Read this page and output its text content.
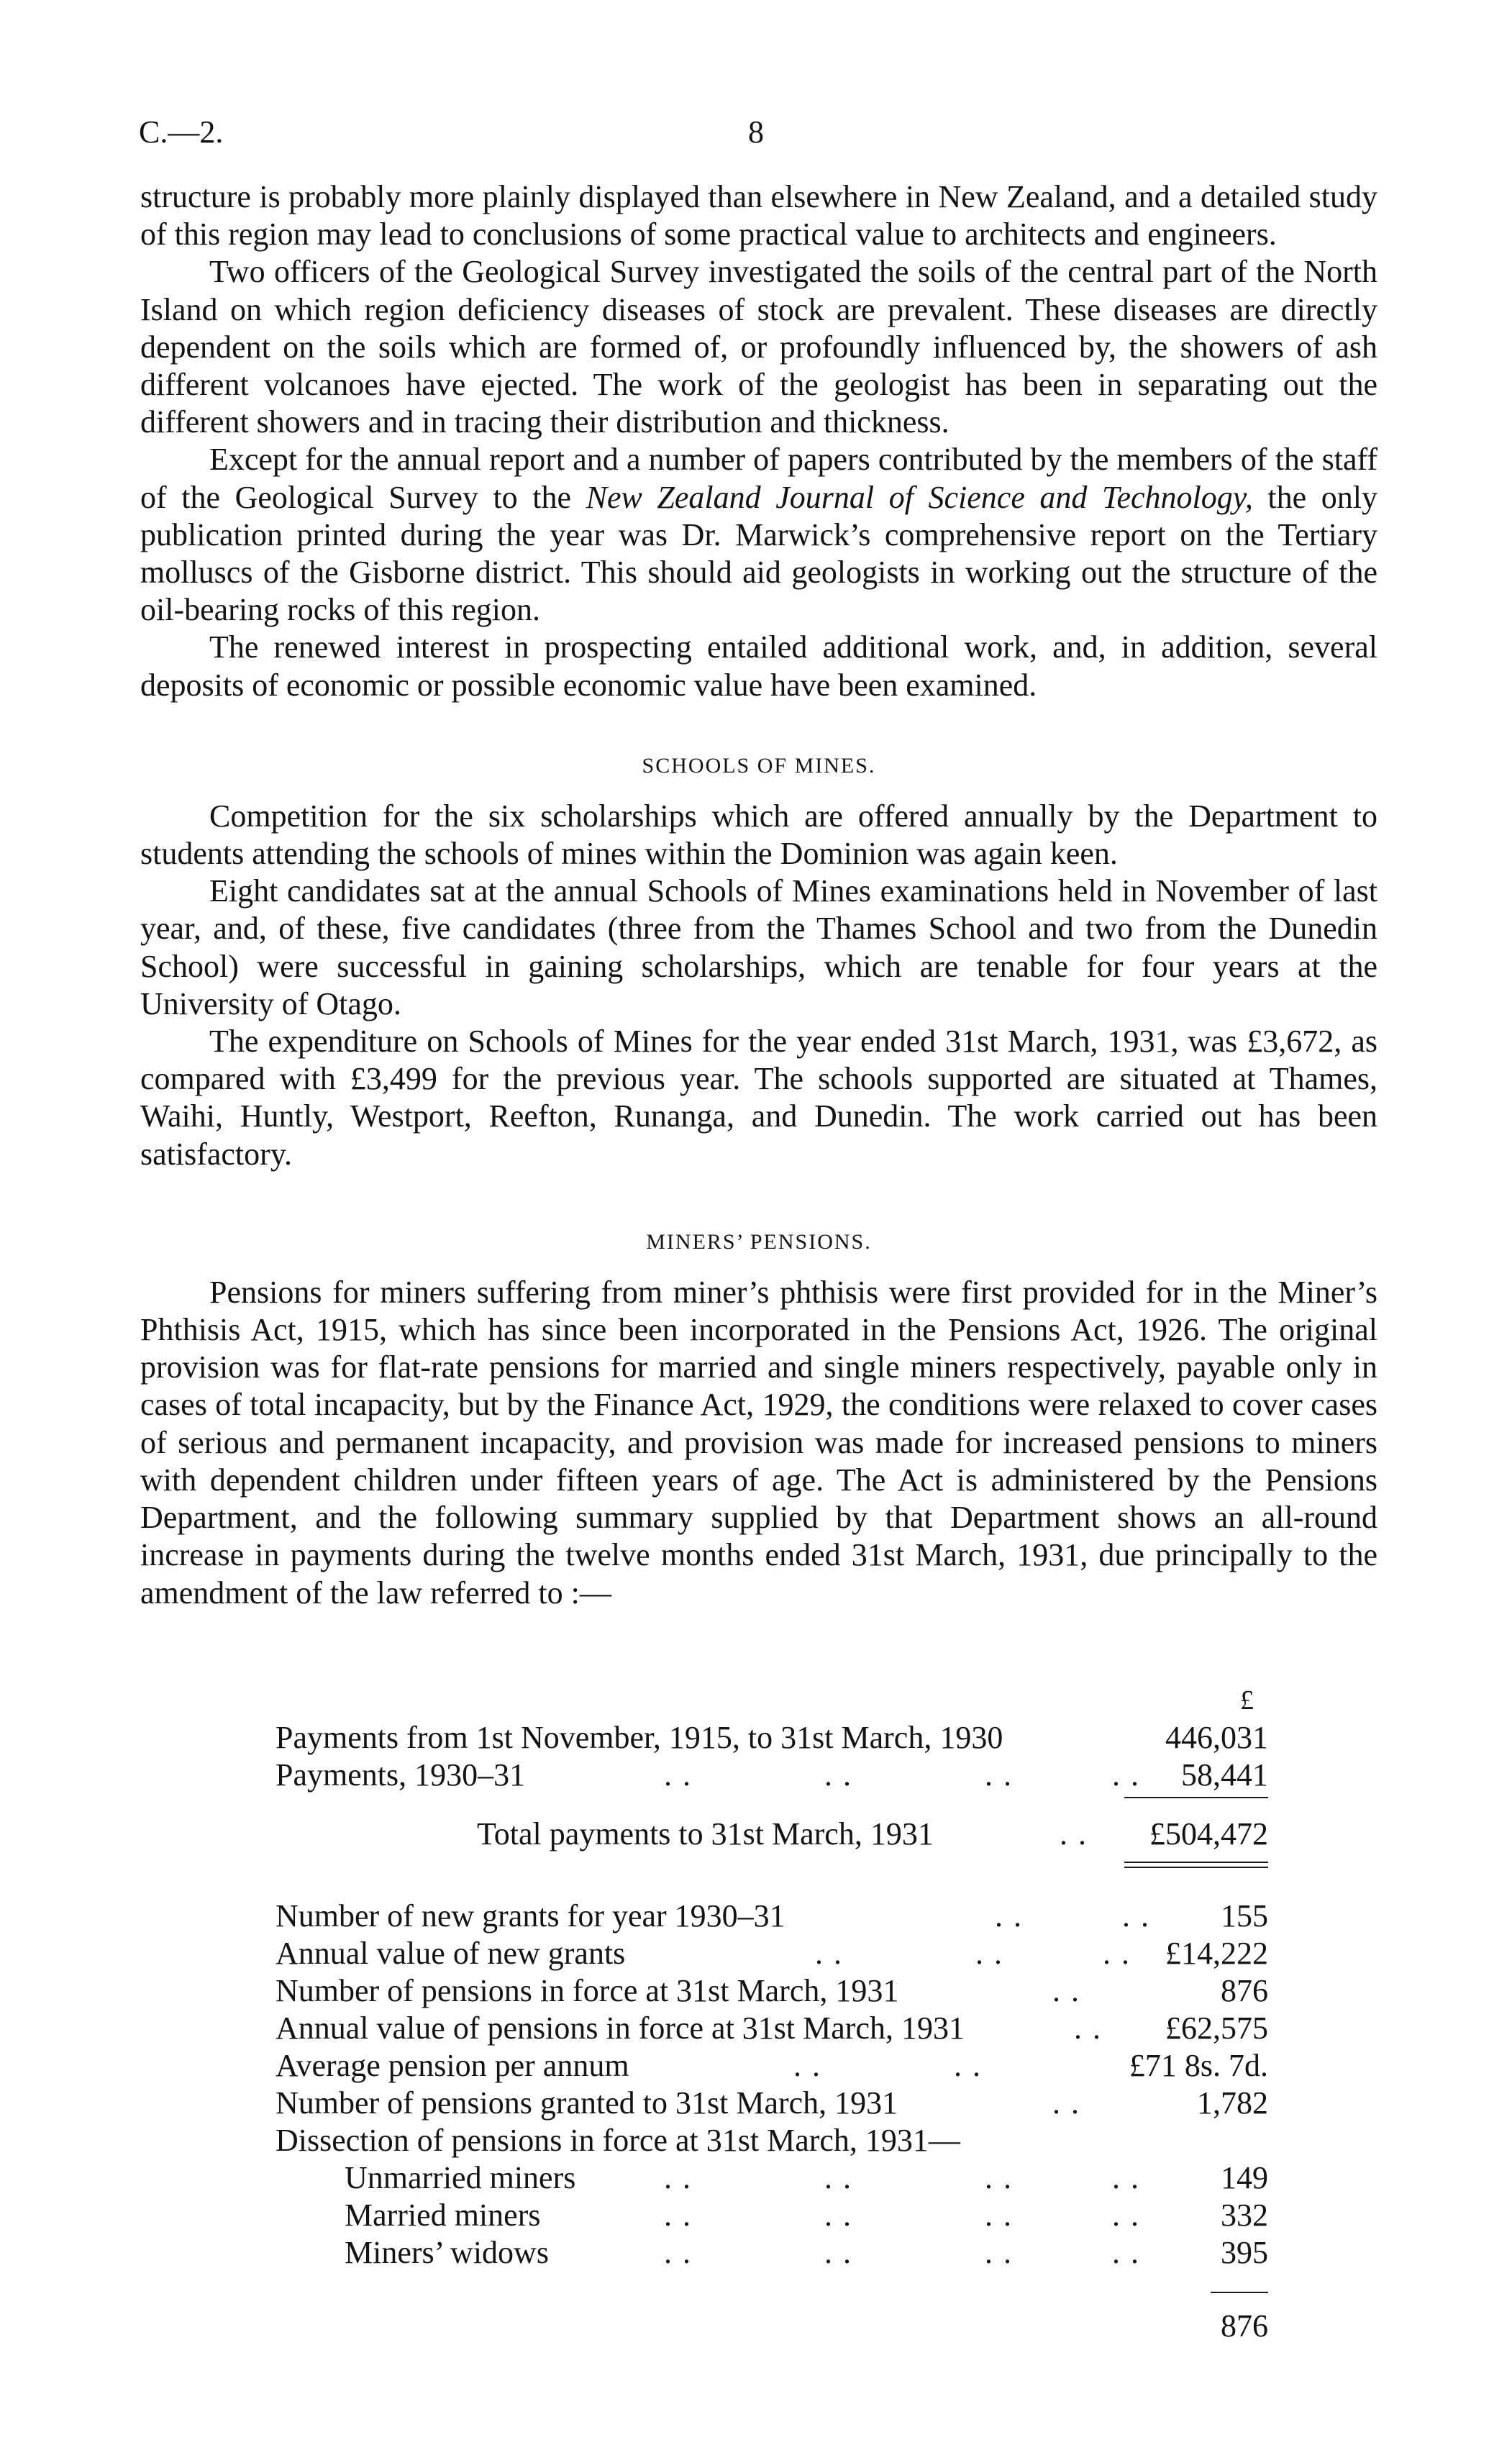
C.—2.	8

structure is probably more plainly displayed than elsewhere in New Zealand, and a detailed study of this region may lead to conclusions of some practical value to architects and engineers.

Two officers of the Geological Survey investigated the soils of the central part of the North Island on which region deficiency diseases of stock are prevalent. These diseases are directly dependent on the soils which are formed of, or profoundly influenced by, the showers of ash different volcanoes have ejected. The work of the geologist has been in separating out the different showers and in tracing their distribution and thickness.

Except for the annual report and a number of papers contributed by the members of the staff of the Geological Survey to the New Zealand Journal of Science and Technology, the only publication printed during the year was Dr. Marwick’s comprehensive report on the Tertiary molluscs of the Gisborne district. This should aid geologists in working out the structure of the oil-bearing rocks of this region.

The renewed interest in prospecting entailed additional work, and, in addition, several deposits of economic or possible economic value have been examined.

SCHOOLS OF MINES.

Competition for the six scholarships which are offered annually by the Department to students attending the schools of mines within the Dominion was again keen.

Eight candidates sat at the annual Schools of Mines examinations held in November of last year, and, of these, five candidates (three from the Thames School and two from the Dunedin School) were successful in gaining scholarships, which are tenable for four years at the University of Otago.

The expenditure on Schools of Mines for the year ended 31st March, 1931, was £3,672, as compared with £3,499 for the previous year. The schools supported are situated at Thames, Waihi, Huntly, Westport, Reefton, Runanga, and Dunedin. The work carried out has been satisfactory.

MINERS’ PENSIONS.

Pensions for miners suffering from miner’s phthisis were first provided for in the Miner’s Phthisis Act, 1915, which has since been incorporated in the Pensions Act, 1926. The original provision was for flat-rate pensions for married and single miners respectively, payable only in cases of total incapacity, but by the Finance Act, 1929, the conditions were relaxed to cover cases of serious and permanent incapacity, and provision was made for increased pensions to miners with dependent children under fifteen years of age. The Act is administered by the Pensions Department, and the following summary supplied by that Department shows an all-round increase in payments during the twelve months ended 31st March, 1931, due principally to the amendment of the law referred to :—

£
Payments from 1st November, 1915, to 31st March, 1930	446,031
Payments, 1930–31	. .    . .    . .   . . 58,441
Total payments to 31st March, 1931	. . £504,472
Number of new grants for year 1930–31	. .   . . 155
Annual value of new grants	. .    . .   . . £14,222
Number of pensions in force at 31st March, 1931	. .	876
Annual value of pensions in force at 31st March, 1931	. . £62,575
Average pension per annum	. .    . .	£71 8s. 7d.
Number of pensions granted to 31st March, 1931	. .	1,782
Dissection of pensions in force at 31st March, 1931—
Unmarried miners	. .    . .    . .   . .	149
Married miners	. .    . .    . .   . .	332
Miners’ widows	. .    . .    . .   . .	395
876
